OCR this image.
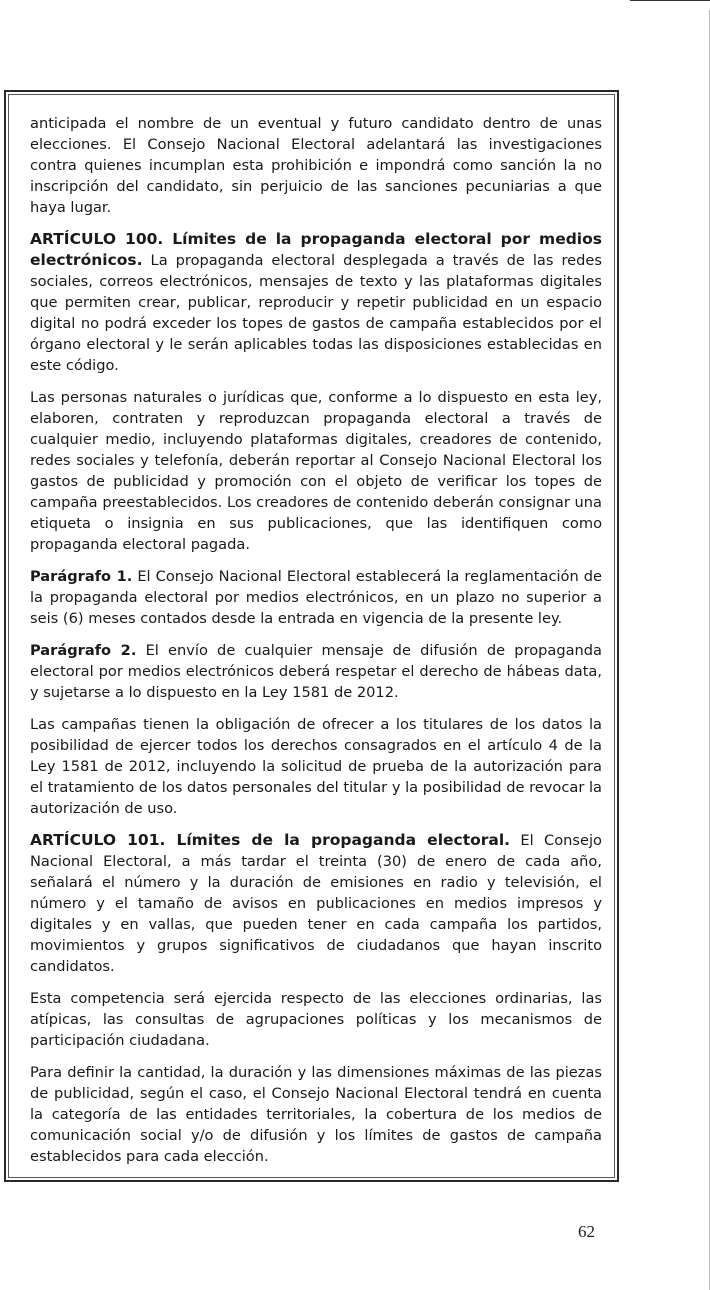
anticipada el nombre de un eventual y futuro candidato dentro de unas elecciones. El Consejo Nacional Electoral adelantará las investigaciones contra quienes incumplan esta prohibición e impondrá como sanción la no inscripción del candidato, sin perjuicio de las sanciones pecuniarias a que haya lugar.

ARTÍCULO 100. Límites de la propaganda electoral por medios electrónicos. La propaganda electoral desplegada a través de las redes sociales, correos electrónicos, mensajes de texto y las plataformas digitales que permiten crear, publicar, reproducir y repetir publicidad en un espacio digital no podrá exceder los topes de gastos de campaña establecidos por el órgano electoral y le serán aplicables todas las disposiciones establecidas en este código.

Las personas naturales o jurídicas que, conforme a lo dispuesto en esta ley, elaboren, contraten y reproduzcan propaganda electoral a través de cualquier medio, incluyendo plataformas digitales, creadores de contenido, redes sociales y telefonía, deberán reportar al Consejo Nacional Electoral los gastos de publicidad y promoción con el objeto de verificar los topes de campaña preestablecidos. Los creadores de contenido deberán consignar una etiqueta o insignia en sus publicaciones, que las identifiquen como propaganda electoral pagada.

Parágrafo 1. El Consejo Nacional Electoral establecerá la reglamentación de la propaganda electoral por medios electrónicos, en un plazo no superior a seis (6) meses contados desde la entrada en vigencia de la presente ley.

Parágrafo 2. El envío de cualquier mensaje de difusión de propaganda electoral por medios electrónicos deberá respetar el derecho de hábeas data, y sujetarse a lo dispuesto en la Ley 1581 de 2012.

Las campañas tienen la obligación de ofrecer a los titulares de los datos la posibilidad de ejercer todos los derechos consagrados en el artículo 4 de la Ley 1581 de 2012, incluyendo la solicitud de prueba de la autorización para el tratamiento de los datos personales del titular y la posibilidad de revocar la autorización de uso.

ARTÍCULO 101. Límites de la propaganda electoral. El Consejo Nacional Electoral, a más tardar el treinta (30) de enero de cada año, señalará el número y la duración de emisiones en radio y televisión, el número y el tamaño de avisos en publicaciones en medios impresos y digitales y en vallas, que pueden tener en cada campaña los partidos, movimientos y grupos significativos de ciudadanos que hayan inscrito candidatos.

Esta competencia será ejercida respecto de las elecciones ordinarias, las atípicas, las consultas de agrupaciones políticas y los mecanismos de participación ciudadana.

Para definir la cantidad, la duración y las dimensiones máximas de las piezas de publicidad, según el caso, el Consejo Nacional Electoral tendrá en cuenta la categoría de las entidades territoriales, la cobertura de los medios de comunicación social y/o de difusión y los límites de gastos de campaña establecidos para cada elección.

62
